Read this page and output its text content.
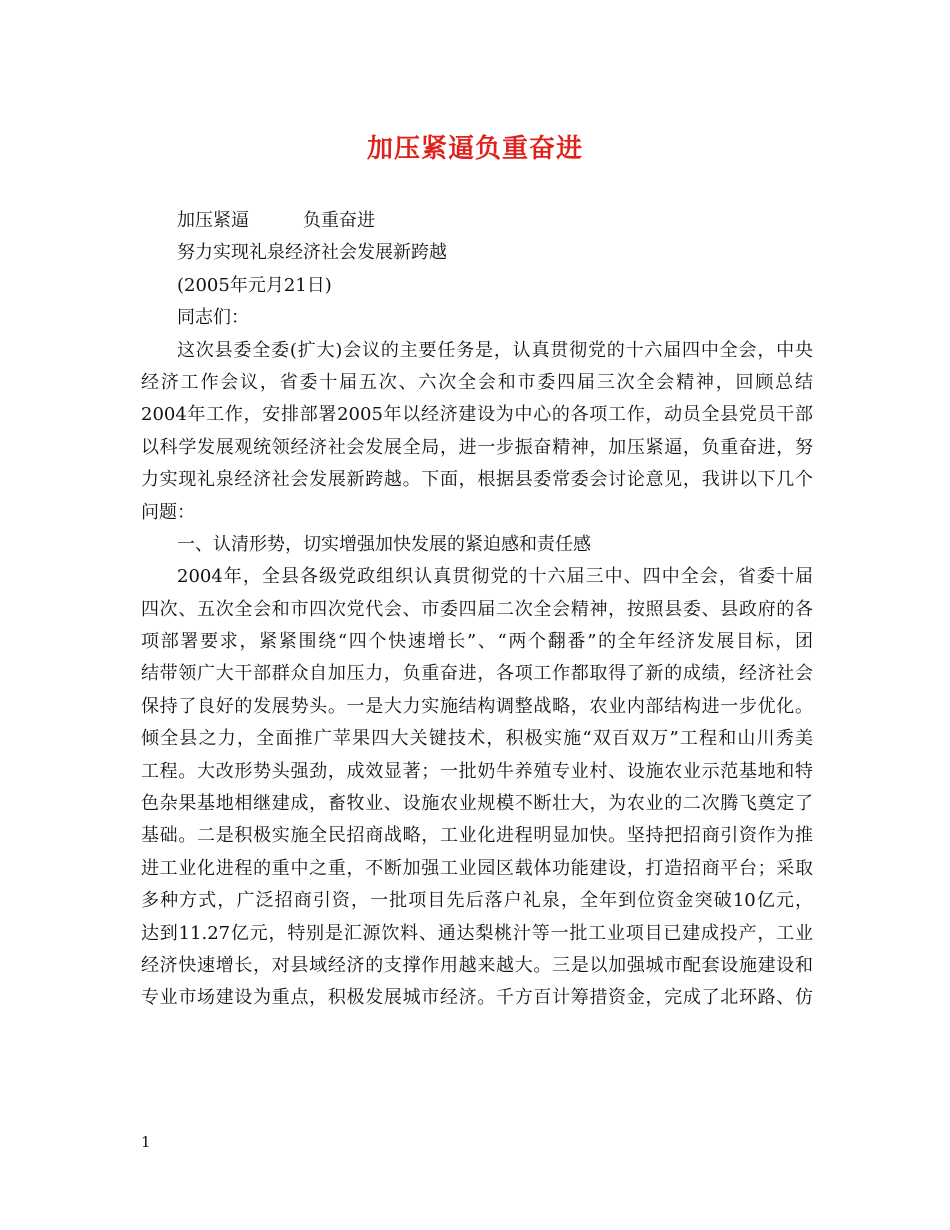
加压紧逼负重奋进
加压紧逼	负重奋进
努力实现礼泉经济社会发展新跨越
(2005年元月21日)
同志们：
这次县委全委(扩大)会议的主要任务是，认真贯彻党的十六届四中全会，中央
经济工作会议，省委十届五次、六次全会和市委四届三次全会精神，回顾总结
2004年工作，安排部署2005年以经济建设为中心的各项工作，动员全县党员干部
以科学发展观统领经济社会发展全局，进一步振奋精神，加压紧逼，负重奋进，努
力实现礼泉经济社会发展新跨越。下面，根据县委常委会讨论意见，我讲以下几个
问题：
一、认清形势，切实增强加快发展的紧迫感和责任感
2004年，全县各级党政组织认真贯彻党的十六届三中、四中全会，省委十届
四次、五次全会和市四次党代会、市委四届二次全会精神，按照县委、县政府的各
项部署要求，紧紧围绕“四个快速增长”、“两个翻番”的全年经济发展目标，团
结带领广大干部群众自加压力，负重奋进，各项工作都取得了新的成绩，经济社会
保持了良好的发展势头。一是大力实施结构调整战略，农业内部结构进一步优化。
倾全县之力，全面推广苹果四大关键技术，积极实施“双百双万”工程和山川秀美
工程。大改形势头强劲，成效显著；一批奶牛养殖专业村、设施农业示范基地和特
色杂果基地相继建成，畜牧业、设施农业规模不断壮大，为农业的二次腾飞奠定了
基础。二是积极实施全民招商战略，工业化进程明显加快。坚持把招商引资作为推
进工业化进程的重中之重，不断加强工业园区载体功能建设，打造招商平台；采取
多种方式，广泛招商引资，一批项目先后落户礼泉，全年到位资金突破10亿元，
达到11.27亿元，特别是汇源饮料、通达梨桃汁等一批工业项目已建成投产，工业
经济快速增长，对县域经济的支撑作用越来越大。三是以加强城市配套设施建设和
专业市场建设为重点，积极发展城市经济。千方百计筹措资金，完成了北环路、仿
1
